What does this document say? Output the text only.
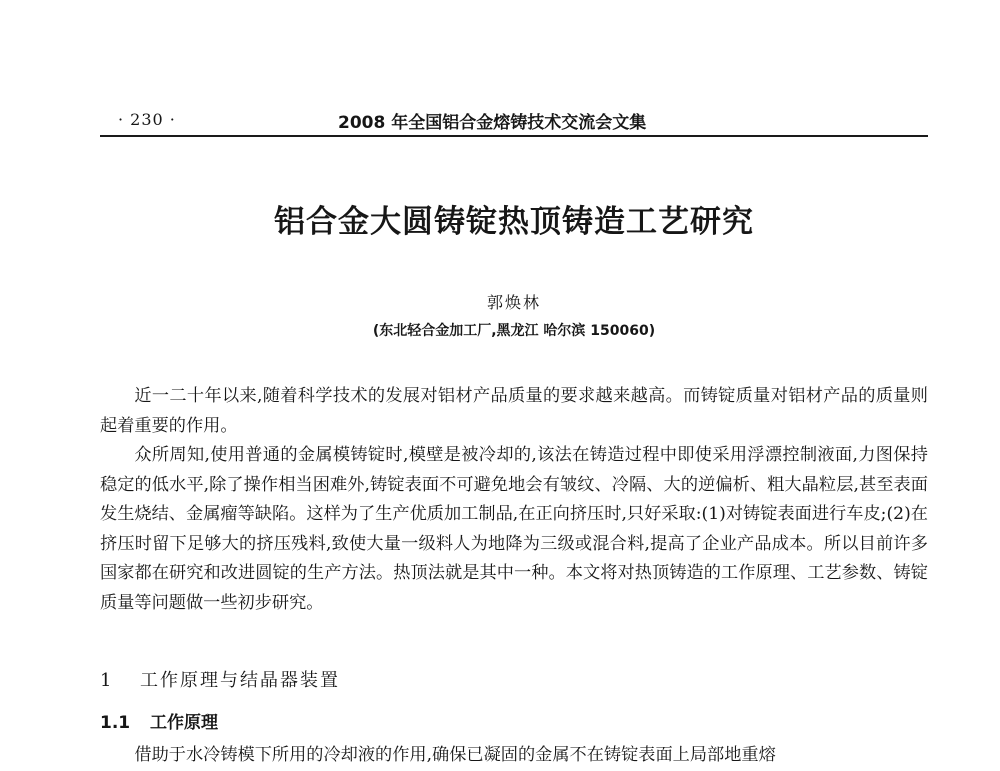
· 230 ·	2008 年全国铝合金熔铸技术交流会文集
铝合金大圆铸锭热顶铸造工艺研究
郭焕林
(东北轻合金加工厂,黑龙江 哈尔滨 150060)

近一二十年以来,随着科学技术的发展对铝材产品质量的要求越来越高。而铸锭质量对铝材产品的质量则起着重要的作用。

众所周知,使用普通的金属模铸锭时,模壁是被冷却的,该法在铸造过程中即使采用浮漂控制液面,力图保持稳定的低水平,除了操作相当困难外,铸锭表面不可避免地会有皱纹、冷隔、大的逆偏析、粗大晶粒层,甚至表面发生烧结、金属瘤等缺陷。这样为了生产优质加工制品,在正向挤压时,只好采取:(1)对铸锭表面进行车皮;(2)在挤压时留下足够大的挤压残料,致使大量一级料人为地降为三级或混合料,提高了企业产品成本。所以目前许多国家都在研究和改进圆锭的生产方法。热顶法就是其中一种。本文将对热顶铸造的工作原理、工艺参数、铸锭质量等问题做一些初步研究。

1 工作原理与结晶器装置
1.1 工作原理
借助于水冷铸模下所用的冷却液的作用,确保已凝固的金属不在铸锭表面上局部地重熔
